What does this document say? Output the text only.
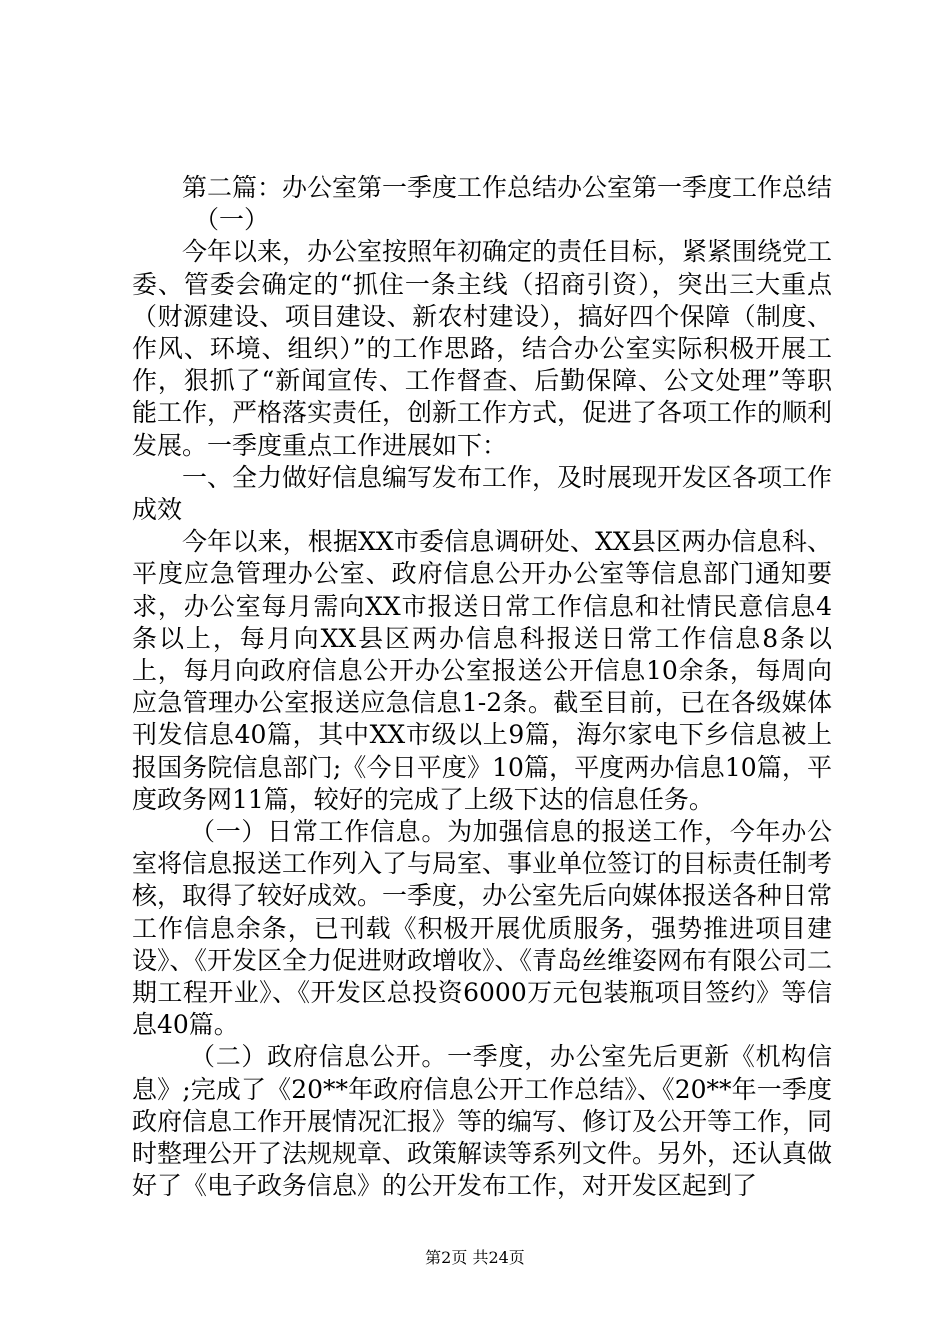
第二篇：办公室第一季度工作总结办公室第一季度工作总结

（一）

今年以来，办公室按照年初确定的责任目标，紧紧围绕党工委、管委会确定的“抓住一条主线（招商引资），突出三大重点（财源建设、项目建设、新农村建设），搞好四个保障（制度、作风、环境、组织）”的工作思路，结合办公室实际积极开展工作，狠抓了“新闻宣传、工作督查、后勤保障、公文处理”等职能工作，严格落实责任，创新工作方式，促进了各项工作的顺利发展。一季度重点工作进展如下：

一、全力做好信息编写发布工作，及时展现开发区各项工作成效

今年以来，根据XX市委信息调研处、XX县区两办信息科、平度应急管理办公室、政府信息公开办公室等信息部门通知要求，办公室每月需向XX市报送日常工作信息和社情民意信息4条以上，每月向XX县区两办信息科报送日常工作信息8条以上，每月向政府信息公开办公室报送公开信息10余条，每周向应急管理办公室报送应急信息1-2条。截至目前，已在各级媒体刊发信息40篇，其中XX市级以上9篇，海尔家电下乡信息被上报国务院信息部门;《今日平度》10篇，平度两办信息10篇，平度政务网11篇，较好的完成了上级下达的信息任务。

（一）日常工作信息。为加强信息的报送工作，今年办公室将信息报送工作列入了与局室、事业单位签订的目标责任制考核，取得了较好成效。一季度，办公室先后向媒体报送各种日常工作信息余条，已刊载《积极开展优质服务，强势推进项目建设》、《开发区全力促进财政增收》、《青岛丝维姿网布有限公司二期工程开业》、《开发区总投资6000万元包装瓶项目签约》等信息40篇。

（二）政府信息公开。一季度，办公室先后更新《机构信息》;完成了《20**年政府信息公开工作总结》、《20**年一季度政府信息工作开展情况汇报》等的编写、修订及公开等工作，同时整理公开了法规规章、政策解读等系列文件。另外，还认真做好了《电子政务信息》的公开发布工作，对开发区起到了

第2页 共24页
